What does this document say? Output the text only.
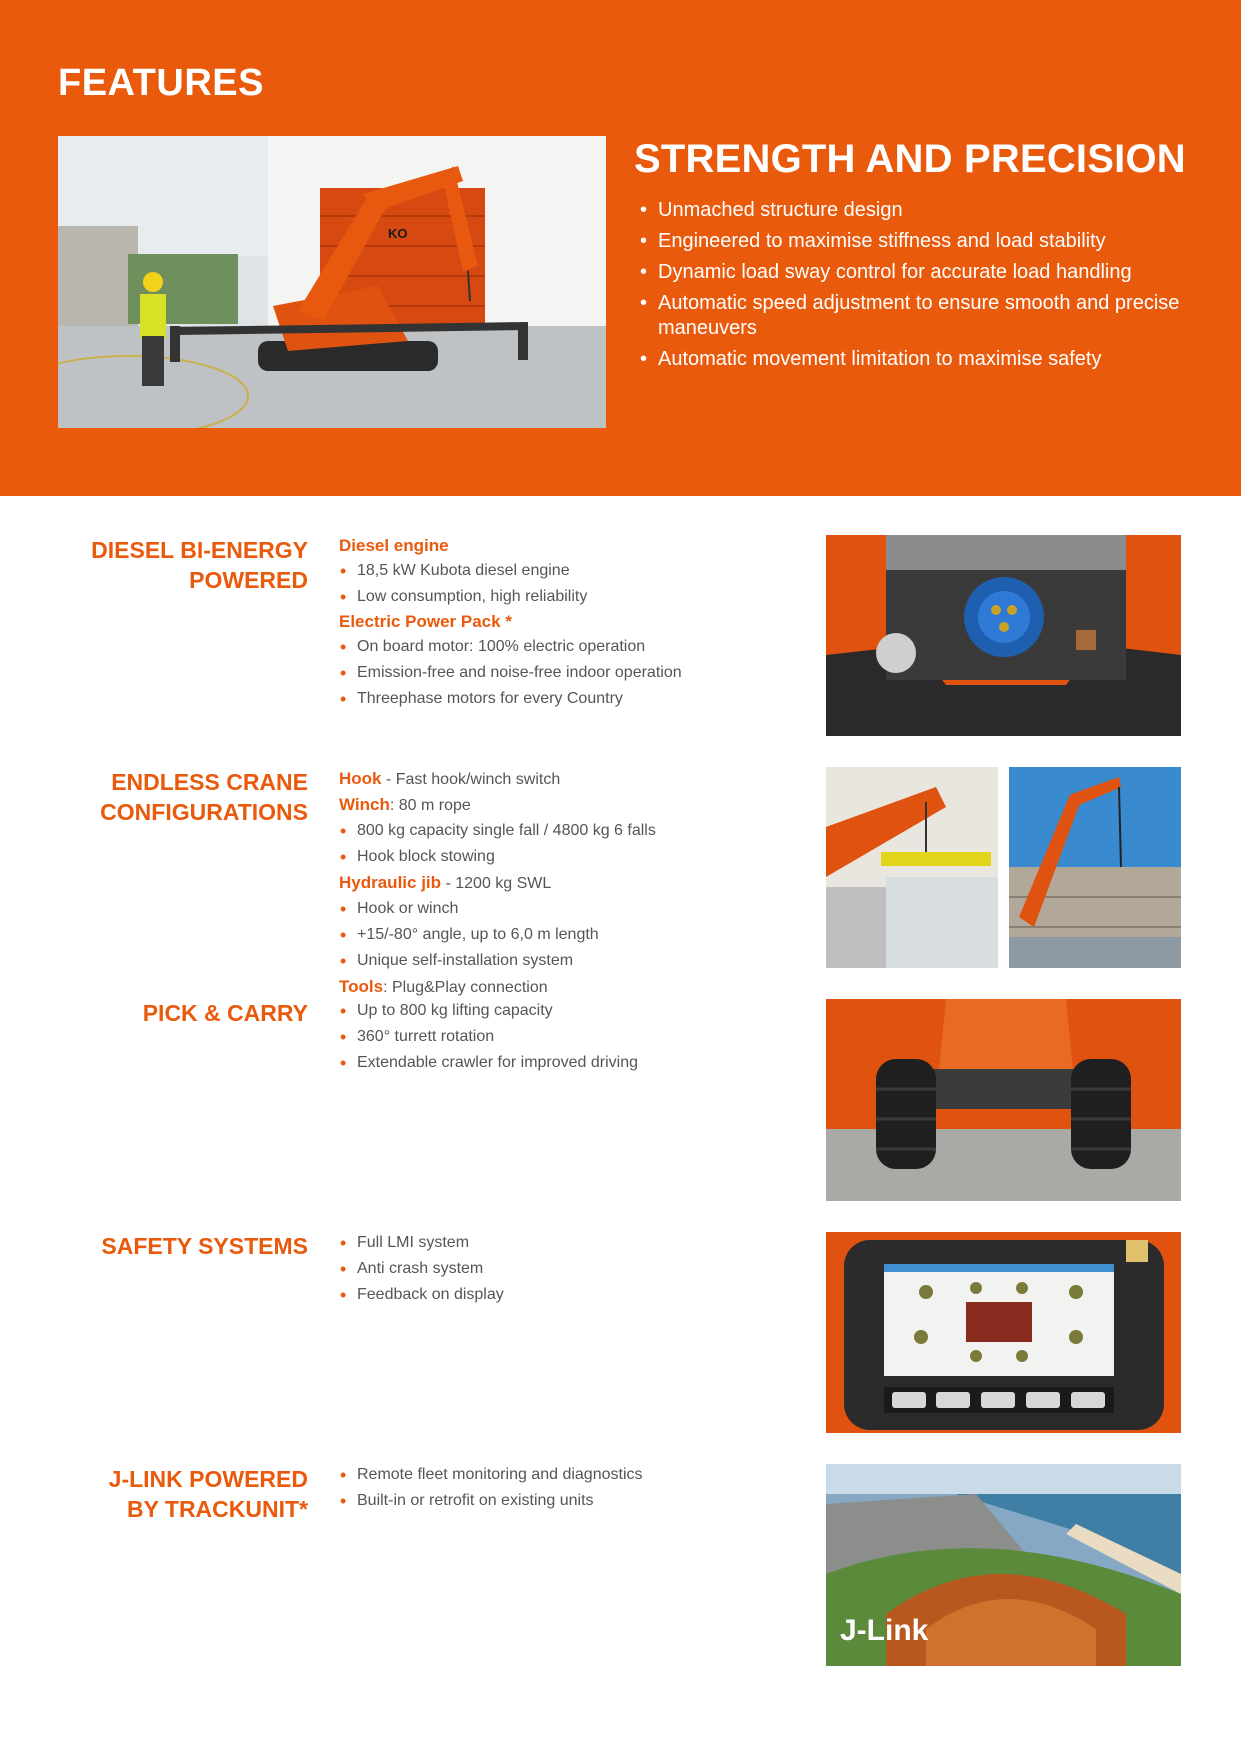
FEATURES
KO
STRENGTH AND PRECISION
• Unmached structure design
• Engineered to maximise stiffness and load stability
• Dynamic load sway control for accurate load handling
• Automatic speed adjustment to ensure smooth and precise maneuvers
• Automatic movement limitation to maximise safety
DIESEL BI-ENERGY
POWERED
Diesel engine
• 18,5 kW Kubota diesel engine
• Low consumption, high reliability
Electric Power Pack *
• On board motor: 100% electric operation
• Emission-free and noise-free indoor operation
• Threephase motors for every Country
ENDLESS CRANE
CONFIGURATIONS
Hook - Fast hook/winch switch
Winch: 80 m rope
• 800 kg capacity single fall / 4800 kg 6 falls
• Hook block stowing
Hydraulic jib - 1200 kg SWL
• Hook or winch
• +15/-80° angle, up to 6,0 m length
• Unique self-installation system
Tools: Plug&Play connection
PICK & CARRY	• Up to 800 kg lifting capacity
• 360° turrett rotation
• Extendable crawler for improved driving
SAFETY SYSTEMS	• Full LMI system
• Anti crash system
• Feedback on display
J-LINK POWERED
BY TRACKUNIT*
• Remote fleet monitoring and diagnostics
• Built-in or retrofit on existing units
J-Link
